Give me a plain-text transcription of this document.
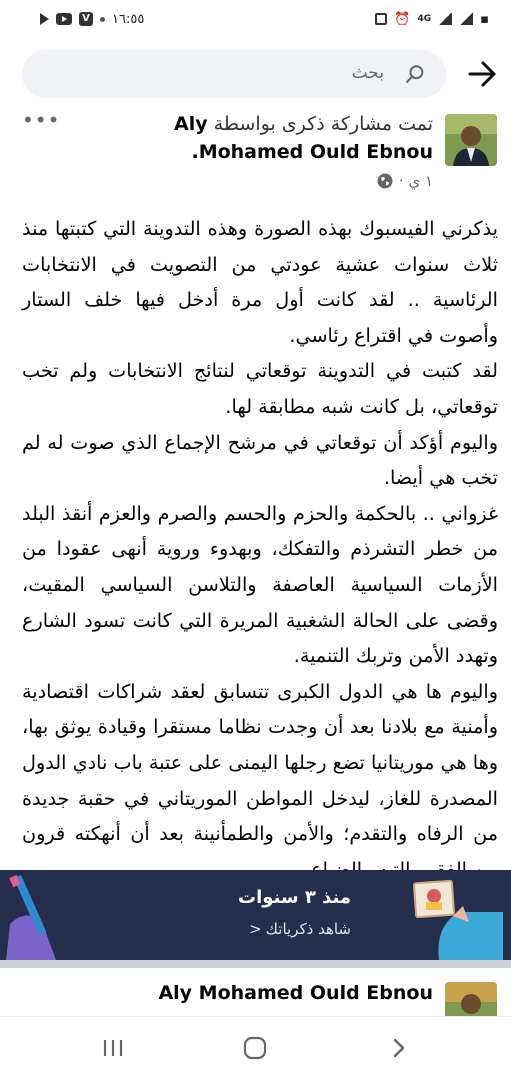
V ١٦:٥٥	⏰ 4G	▪
بحث
تمت مشاركة ذكرى بواسطة Aly Mohamed Ould Ebnou.
•••
١ ي ·

يذكرني الفيسبوك بهذه الصورة وهذه التدوينة التي كتبتها منذ ثلاث سنوات عشية عودتي من التصويت في الانتخابات الرئاسية .. لقد كانت أول مرة أدخل فيها خلف الستار وأصوت في اقتراع رئاسي.

لقد كتبت في التدوينة توقعاتي لنتائج الانتخابات ولم تخب توقعاتي، بل كانت شبه مطابقة لها.

واليوم أؤكد أن توقعاتي في مرشح الإجماع الذي صوت له لم تخب هي أيضا.

غزواني .. بالحكمة والحزم والحسم والصرم والعزم أنقذ البلد من خطر التشرذم والتفكك، وبهدوء وروية أنهى عقودا من الأزمات السياسية العاصفة والتلاسن السياسي المقيت، وقضى على الحالة الشغبية المريرة التي كانت تسود الشارع وتهدد الأمن وتربك التنمية.

واليوم ها هي الدول الكبرى تتسابق لعقد شراكات اقتصادية وأمنية مع بلادنا بعد أن وجدت نظاما مستقرا وقيادة يوثق بها، وها هي موريتانيا تضع رجلها اليمنى على عتبة باب نادي الدول المصدرة للغاز، ليدخل المواطن الموريتاني في حقبة جديدة من الرفاه والتقدم؛ والأمن والطمأنينة بعد أن أنهكته قرون

منذ ٣ سنوات
شاهد ذكرياتك
<
Aly Mohamed Ould Ebnou
